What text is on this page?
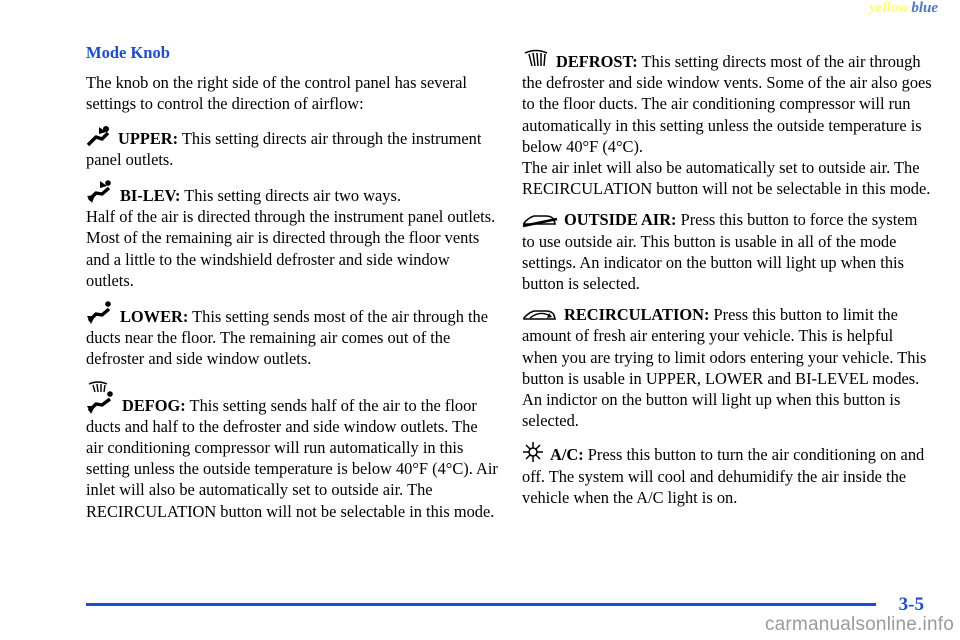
yellow blue
Mode Knob

The knob on the right side of the control panel has several settings to control the direction of airflow:

UPPER: This setting directs air through the instrument panel outlets.

BI-LEV: This setting directs air two ways.
Half of the air is directed through the instrument panel outlets. Most of the remaining air is directed through the floor vents and a little to the windshield defroster and side window outlets.

LOWER: This setting sends most of the air through the ducts near the floor. The remaining air comes out of the defroster and side window outlets.

DEFOG: This setting sends half of the air to the floor ducts and half to the defroster and side window outlets. The air conditioning compressor will run automatically in this setting unless the outside temperature is below 40°F (4°C). Air inlet will also be automatically set to outside air. The RECIRCULATION button will not be selectable in this mode.

DEFROST: This setting directs most of the air through the defroster and side window vents. Some of the air also goes to the floor ducts. The air conditioning compressor will run automatically in this setting unless the outside temperature is below 40°F (4°C).
The air inlet will also be automatically set to outside air. The RECIRCULATION button will not be selectable in this mode.

OUTSIDE AIR: Press this button to force the system to use outside air. This button is usable in all of the mode settings. An indicator on the button will light up when this button is selected.

RECIRCULATION: Press this button to limit the amount of fresh air entering your vehicle. This is helpful when you are trying to limit odors entering your vehicle. This button is usable in UPPER, LOWER and BI-LEVEL modes. An indictor on the button will light up when this button is selected.

A/C: Press this button to turn the air conditioning on and off. The system will cool and dehumidify the air inside the vehicle when the A/C light is on.

3-5
carmanualsonline.info
